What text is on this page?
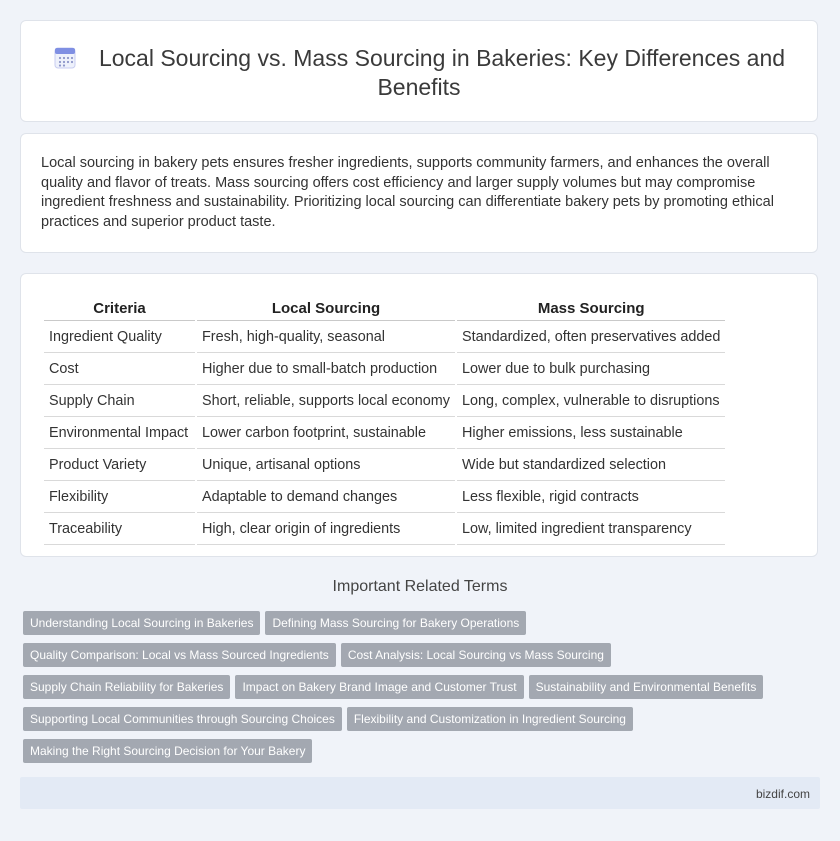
Local Sourcing vs. Mass Sourcing in Bakeries: Key Differences and Benefits

Local sourcing in bakery pets ensures fresher ingredients, supports community farmers, and enhances the overall quality and flavor of treats. Mass sourcing offers cost efficiency and larger supply volumes but may compromise ingredient freshness and sustainability. Prioritizing local sourcing can differentiate bakery pets by promoting ethical practices and superior product taste.

Criteria	Local Sourcing	Mass Sourcing
Ingredient Quality	Fresh, high-quality, seasonal	Standardized, often preservatives added
Cost	Higher due to small-batch production	Lower due to bulk purchasing
Supply Chain	Short, reliable, supports local economy	Long, complex, vulnerable to disruptions
Environmental Impact	Lower carbon footprint, sustainable	Higher emissions, less sustainable
Product Variety	Unique, artisanal options	Wide but standardized selection
Flexibility	Adaptable to demand changes	Less flexible, rigid contracts
Traceability	High, clear origin of ingredients	Low, limited ingredient transparency
Important Related Terms
Understanding Local Sourcing in Bakeries Defining Mass Sourcing for Bakery Operations
Quality Comparison: Local vs Mass Sourced Ingredients Cost Analysis: Local Sourcing vs Mass Sourcing
Supply Chain Reliability for Bakeries Impact on Bakery Brand Image and Customer Trust Sustainability and Environmental Benefits
Supporting Local Communities through Sourcing Choices Flexibility and Customization in Ingredient Sourcing
Making the Right Sourcing Decision for Your Bakery
bizdif.com
